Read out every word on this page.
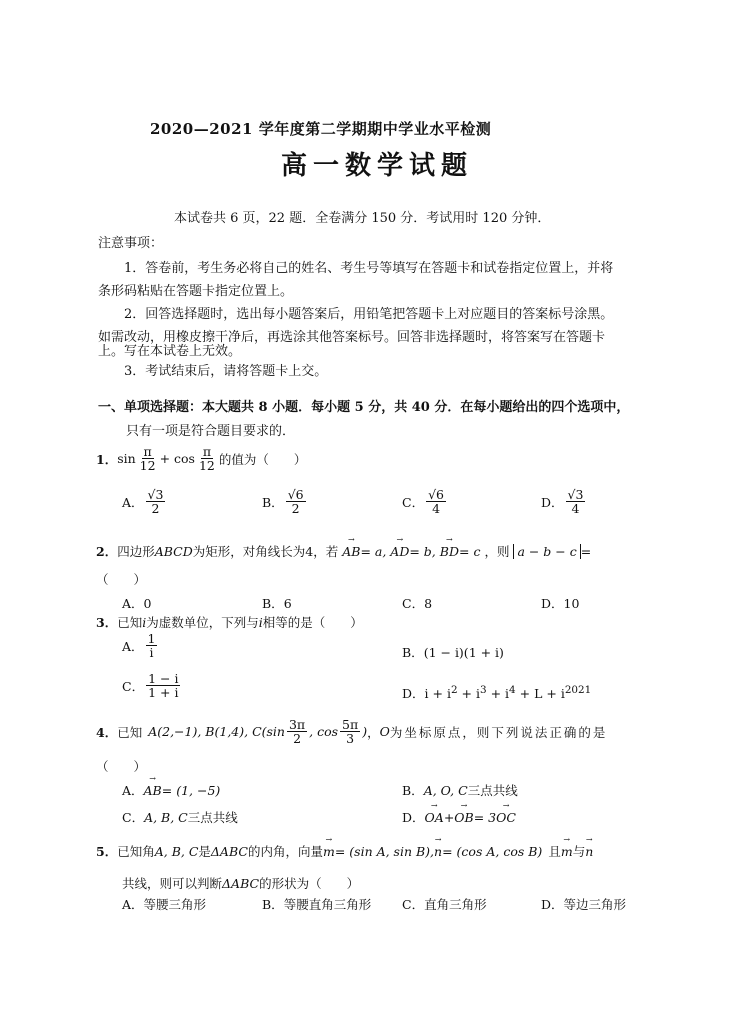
2020—2021 学年度第二学期期中学业水平检测
高一数学试题
本试卷共 6 页，22 题．全卷满分 150 分．考试用时 120 分钟．
注意事项：
1．答卷前，考生务必将自己的姓名、考生号等填写在答题卡和试卷指定位置上，并将
条形码粘贴在答题卡指定位置上。
2．回答选择题时，选出每小题答案后，用铅笔把答题卡上对应题目的答案标号涂黑。
如需改动，用橡皮擦干净后，再选涂其他答案标号。回答非选择题时，将答案写在答题卡
上。写在本试卷上无效。
3．考试结束后，请将答题卡上交。
一、单项选择题：本大题共 8 小题．每小题 5 分，共 40 分．在每小题给出的四个选项中，
只有一项是符合题目要求的．
1． $\sin \frac{\pi}{12} + \cos \frac{\pi}{12}$ 的值为（　　）
A． $\frac{√3}{2}$	B． $\frac{√6}{2}$	C． $\frac{√6}{4}$	D． $\frac{√3}{4}$
2．四边形ABCD为矩形，对角线长为4，若 → AB= a, → AD= b, → BD= c ，则 a − b − c =
（　　）
A．0	B．6	C．8	D．10
3．已知i为虚数单位，下列与i相等的是（　　）
A． $\frac{1}{i}$	B．(1 − i)(1 + i)
C． $\frac{1 - i}{1 + i}$	D．$i + i^2 + i^3 + i^4 + L + i^{2021}$
4． 已知 A(2,−1), B(1,4), $C(\sin \frac{3\pi}{2}$ , $\cos \frac{5\pi}{3}$ ) ， O 为坐标原点，则下列说法正确的是
（　　）
A．→ AB= (1, −5)	B．A, O, C三点共线
C．A, B, C三点共线	D．→ OA+→ OB= 3→ OC
5．已知角A, B, C是ΔABC的内角，向量→ m= (sin A, sin B),→ n= (cos A, cos B) 且→ m与→ n
共线，则可以判断ΔABC的形状为（　　）
A．等腰三角形	B．等腰直角三角形 C．直角三角形	D．等边三角形
